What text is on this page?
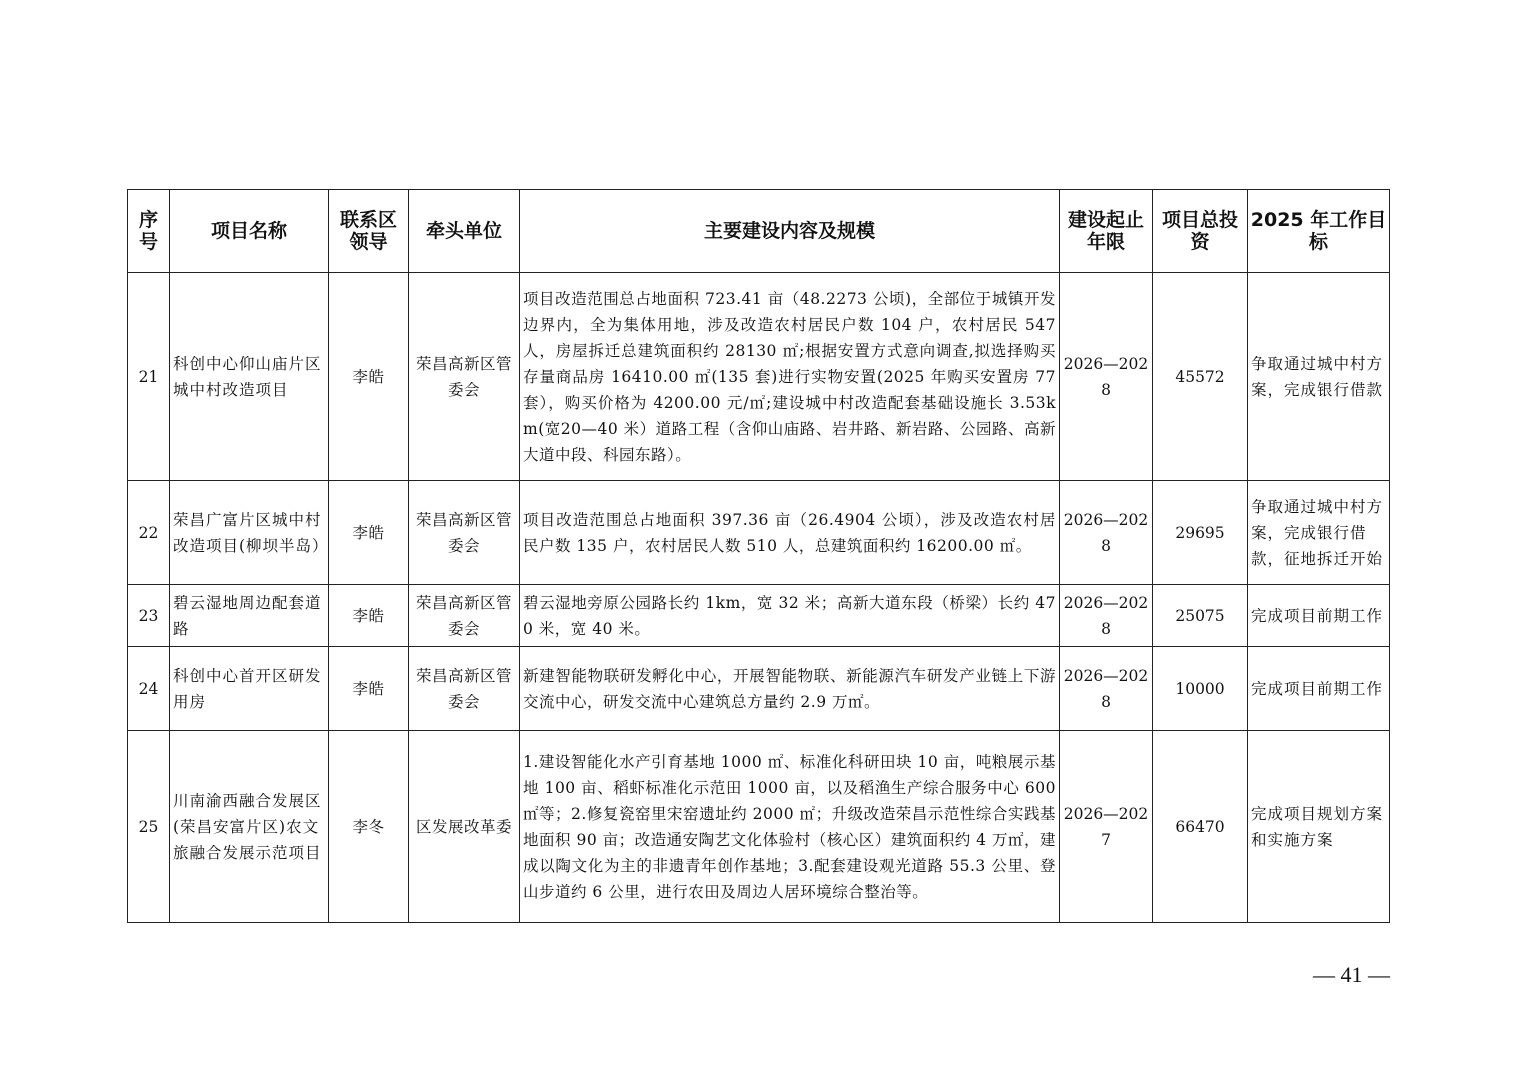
序号	项目名称	联系区领导	牵头单位	主要建设内容及规模	建设起止年限	项目总投资	2025 年工作目标
21	科创中心仰山庙片区城中村改造项目	李皓	荣昌高新区管委会	项目改造范围总占地面积 723.41 亩（48.2273 公顷)，全部位于城镇开发边界内，全为集体用地，涉及改造农村居民户数 104 户，农村居民 547 人，房屋拆迁总建筑面积约 28130 ㎡;根据安置方式意向调查,拟选择购买存量商品房 16410.00 ㎡(135 套)进行实物安置(2025 年购买安置房 77 套），购买价格为 4200.00 元/㎡;建设城中村改造配套基础设施长 3.53km(宽20—40 米）道路工程（含仰山庙路、岩井路、新岩路、公园路、高新大道中段、科园东路）。	2026—2028	45572	争取通过城中村方案，完成银行借款
22	荣昌广富片区城中村改造项目(柳坝半岛）	李皓	荣昌高新区管委会	项目改造范围总占地面积 397.36 亩（26.4904 公顷），涉及改造农村居民户数 135 户，农村居民人数 510 人，总建筑面积约 16200.00 ㎡。	2026—2028	29695	争取通过城中村方案，完成银行借款，征地拆迁开始
23	碧云湿地周边配套道路	李皓	荣昌高新区管委会	碧云湿地旁原公园路长约 1km，宽 32 米；高新大道东段（桥梁）长约 470 米，宽 40 米。	2026—2028	25075	完成项目前期工作
24	科创中心首开区研发用房	李皓	荣昌高新区管委会	新建智能物联研发孵化中心，开展智能物联、新能源汽车研发产业链上下游交流中心，研发交流中心建筑总方量约 2.9 万㎡。	2026—2028	10000	完成项目前期工作
25	川南渝西融合发展区(荣昌安富片区)农文旅融合发展示范项目	李冬	区发展改革委	1.建设智能化水产引育基地 1000 ㎡、标准化科研田块 10 亩，吨粮展示基地 100 亩、稻虾标准化示范田 1000 亩，以及稻渔生产综合服务中心 600 ㎡等；2.修复瓷窑里宋窑遗址约 2000 ㎡；升级改造荣昌示范性综合实践基地面积 90 亩；改造通安陶艺文化体验村（核心区）建筑面积约 4 万㎡，建成以陶文化为主的非遗青年创作基地；3.配套建设观光道路 55.3 公里、登山步道约 6 公里，进行农田及周边人居环境综合整治等。	2026—2027	66470	完成项目规划方案和实施方案
— 41 —
